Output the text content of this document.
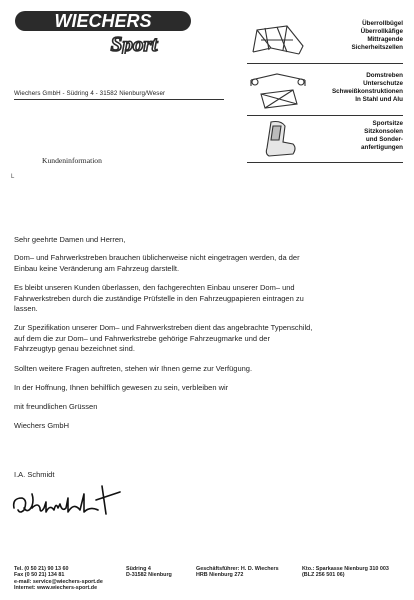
WIECHERS
Sport
Wiechers GmbH - Südring 4 - 31582 Nienburg/Weser
Überrollbügel
Überrollkäfige
Mittragende
Sicherheitszellen
Domstreben
Unterschutze
Schweißkonstruktionen
In Stahl und Alu
Sportsitze
Sitzkonsolen
und Sonder-
anfertigungen
Kundeninformation
L

Sehr geehrte Damen und Herren,

Dom– und Fahrwerkstreben brauchen üblicherweise nicht eingetragen werden, da der
Einbau keine Veränderung am Fahrzeug darstellt.

Es bleibt unseren Kunden überlassen, den fachgerechten Einbau unserer Dom– und
Fahrwerkstreben durch die zuständige Prüfstelle in den Fahrzeugpapieren eintragen zu
lassen.

Zur Spezifikation unserer Dom– und Fahrwerkstreben dient das angebrachte Typenschild,
auf dem die zur Dom– und Fahrwerkstrebe gehörige Fahrzeugmarke und der
Fahrzeugtyp genau bezeichnet sind.

Sollten weitere Fragen auftreten, stehen wir Ihnen gerne zur Verfügung.

In der Hoffnung, Ihnen behilflich gewesen zu sein, verbleiben wir

mit freundlichen Grüssen

Wiechers GmbH

I.A. Schmidt
Tel. (0 50 21) 90 13 60
Fax (0 50 21) 134 81
e-mail: service@wiechers-sport.de
Internet: www.wiechers-sport.de
Südring 4
D-31582 Nienburg
Geschäftsführer: H. D. Wiechers
HRB Nienburg 272
Kto.: Sparkasse Nienburg 310 003
(BLZ 256 501 06)
